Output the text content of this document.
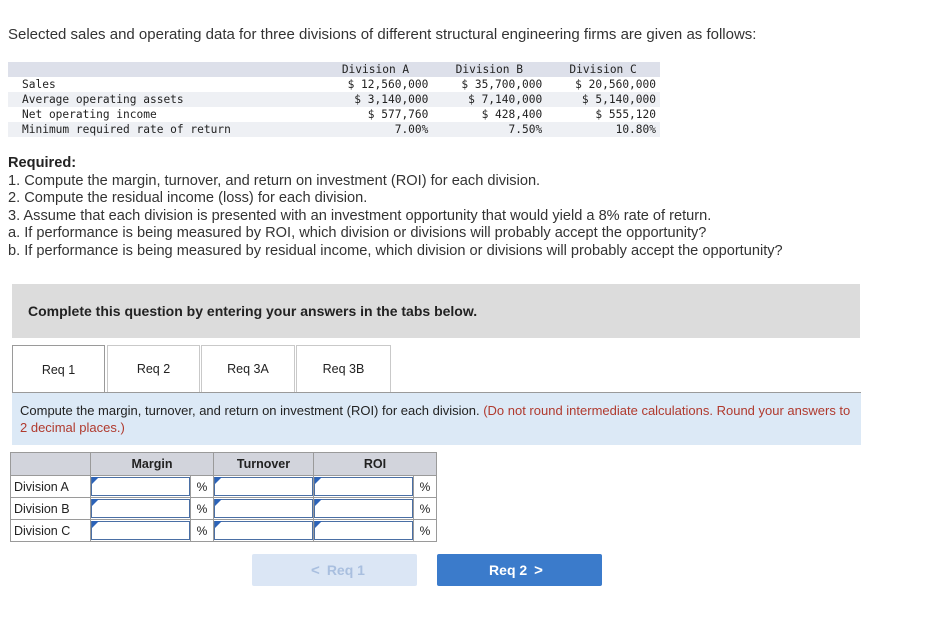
Selected sales and operating data for three divisions of different structural engineering firms are given as follows:
	Division A	Division B	Division C
Sales	$ 12,560,000	$ 35,700,000	$ 20,560,000
Average operating assets	$ 3,140,000	$ 7,140,000	$ 5,140,000
Net operating income	$ 577,760	$ 428,400	$ 555,120
Minimum required rate of return	7.00%	7.50%	10.80%
Required:
1. Compute the margin, turnover, and return on investment (ROI) for each division.
2. Compute the residual income (loss) for each division.
3. Assume that each division is presented with an investment opportunity that would yield a 8% rate of return.
a. If performance is being measured by ROI, which division or divisions will probably accept the opportunity?
b. If performance is being measured by residual income, which division or divisions will probably accept the opportunity?
Complete this question by entering your answers in the tabs below.
Req 1	Req 2	Req 3A	Req 3B
Compute the margin, turnover, and return on investment (ROI) for each division. (Do not round intermediate calculations. Round your answers to 2 decimal places.)
	Margin		Turnover	ROI	
Division A		%			%
Division B		%			%
Division C		%			%
< Req 1	Req 2 >
